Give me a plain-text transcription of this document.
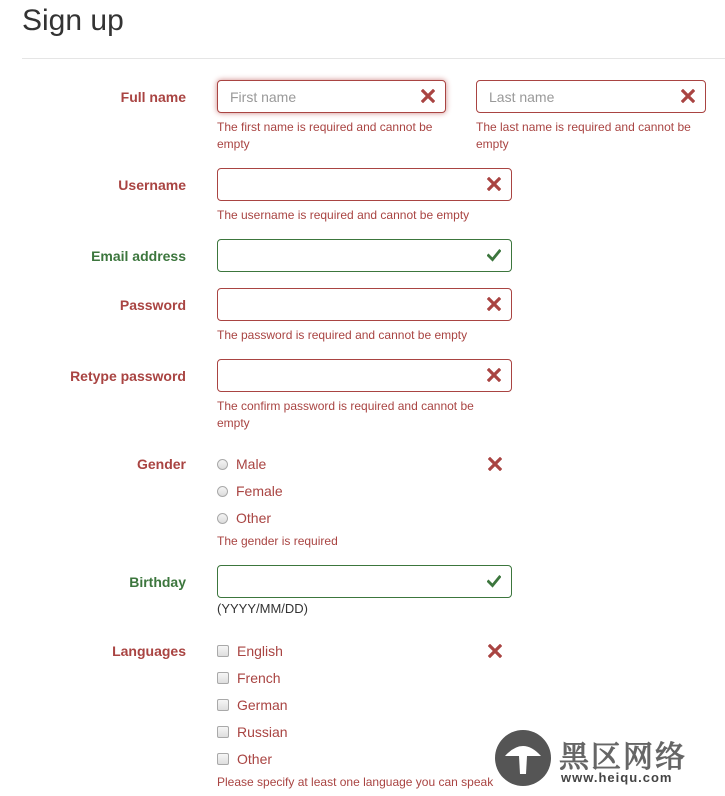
Sign up
Full name
First name
Last name
The first name is required and cannot be empty
The last name is required and cannot be empty
Username
The username is required and cannot be empty
Email address
Password
The password is required and cannot be empty
Retype password
The confirm password is required and cannot be empty
Gender	Male
Female
Other
The gender is required
Birthday
(YYYY/MM/DD)
Languages	English
French
German
Russian
Other
Please specify at least one language you can speak
黑区网络
www.heiqu.com
